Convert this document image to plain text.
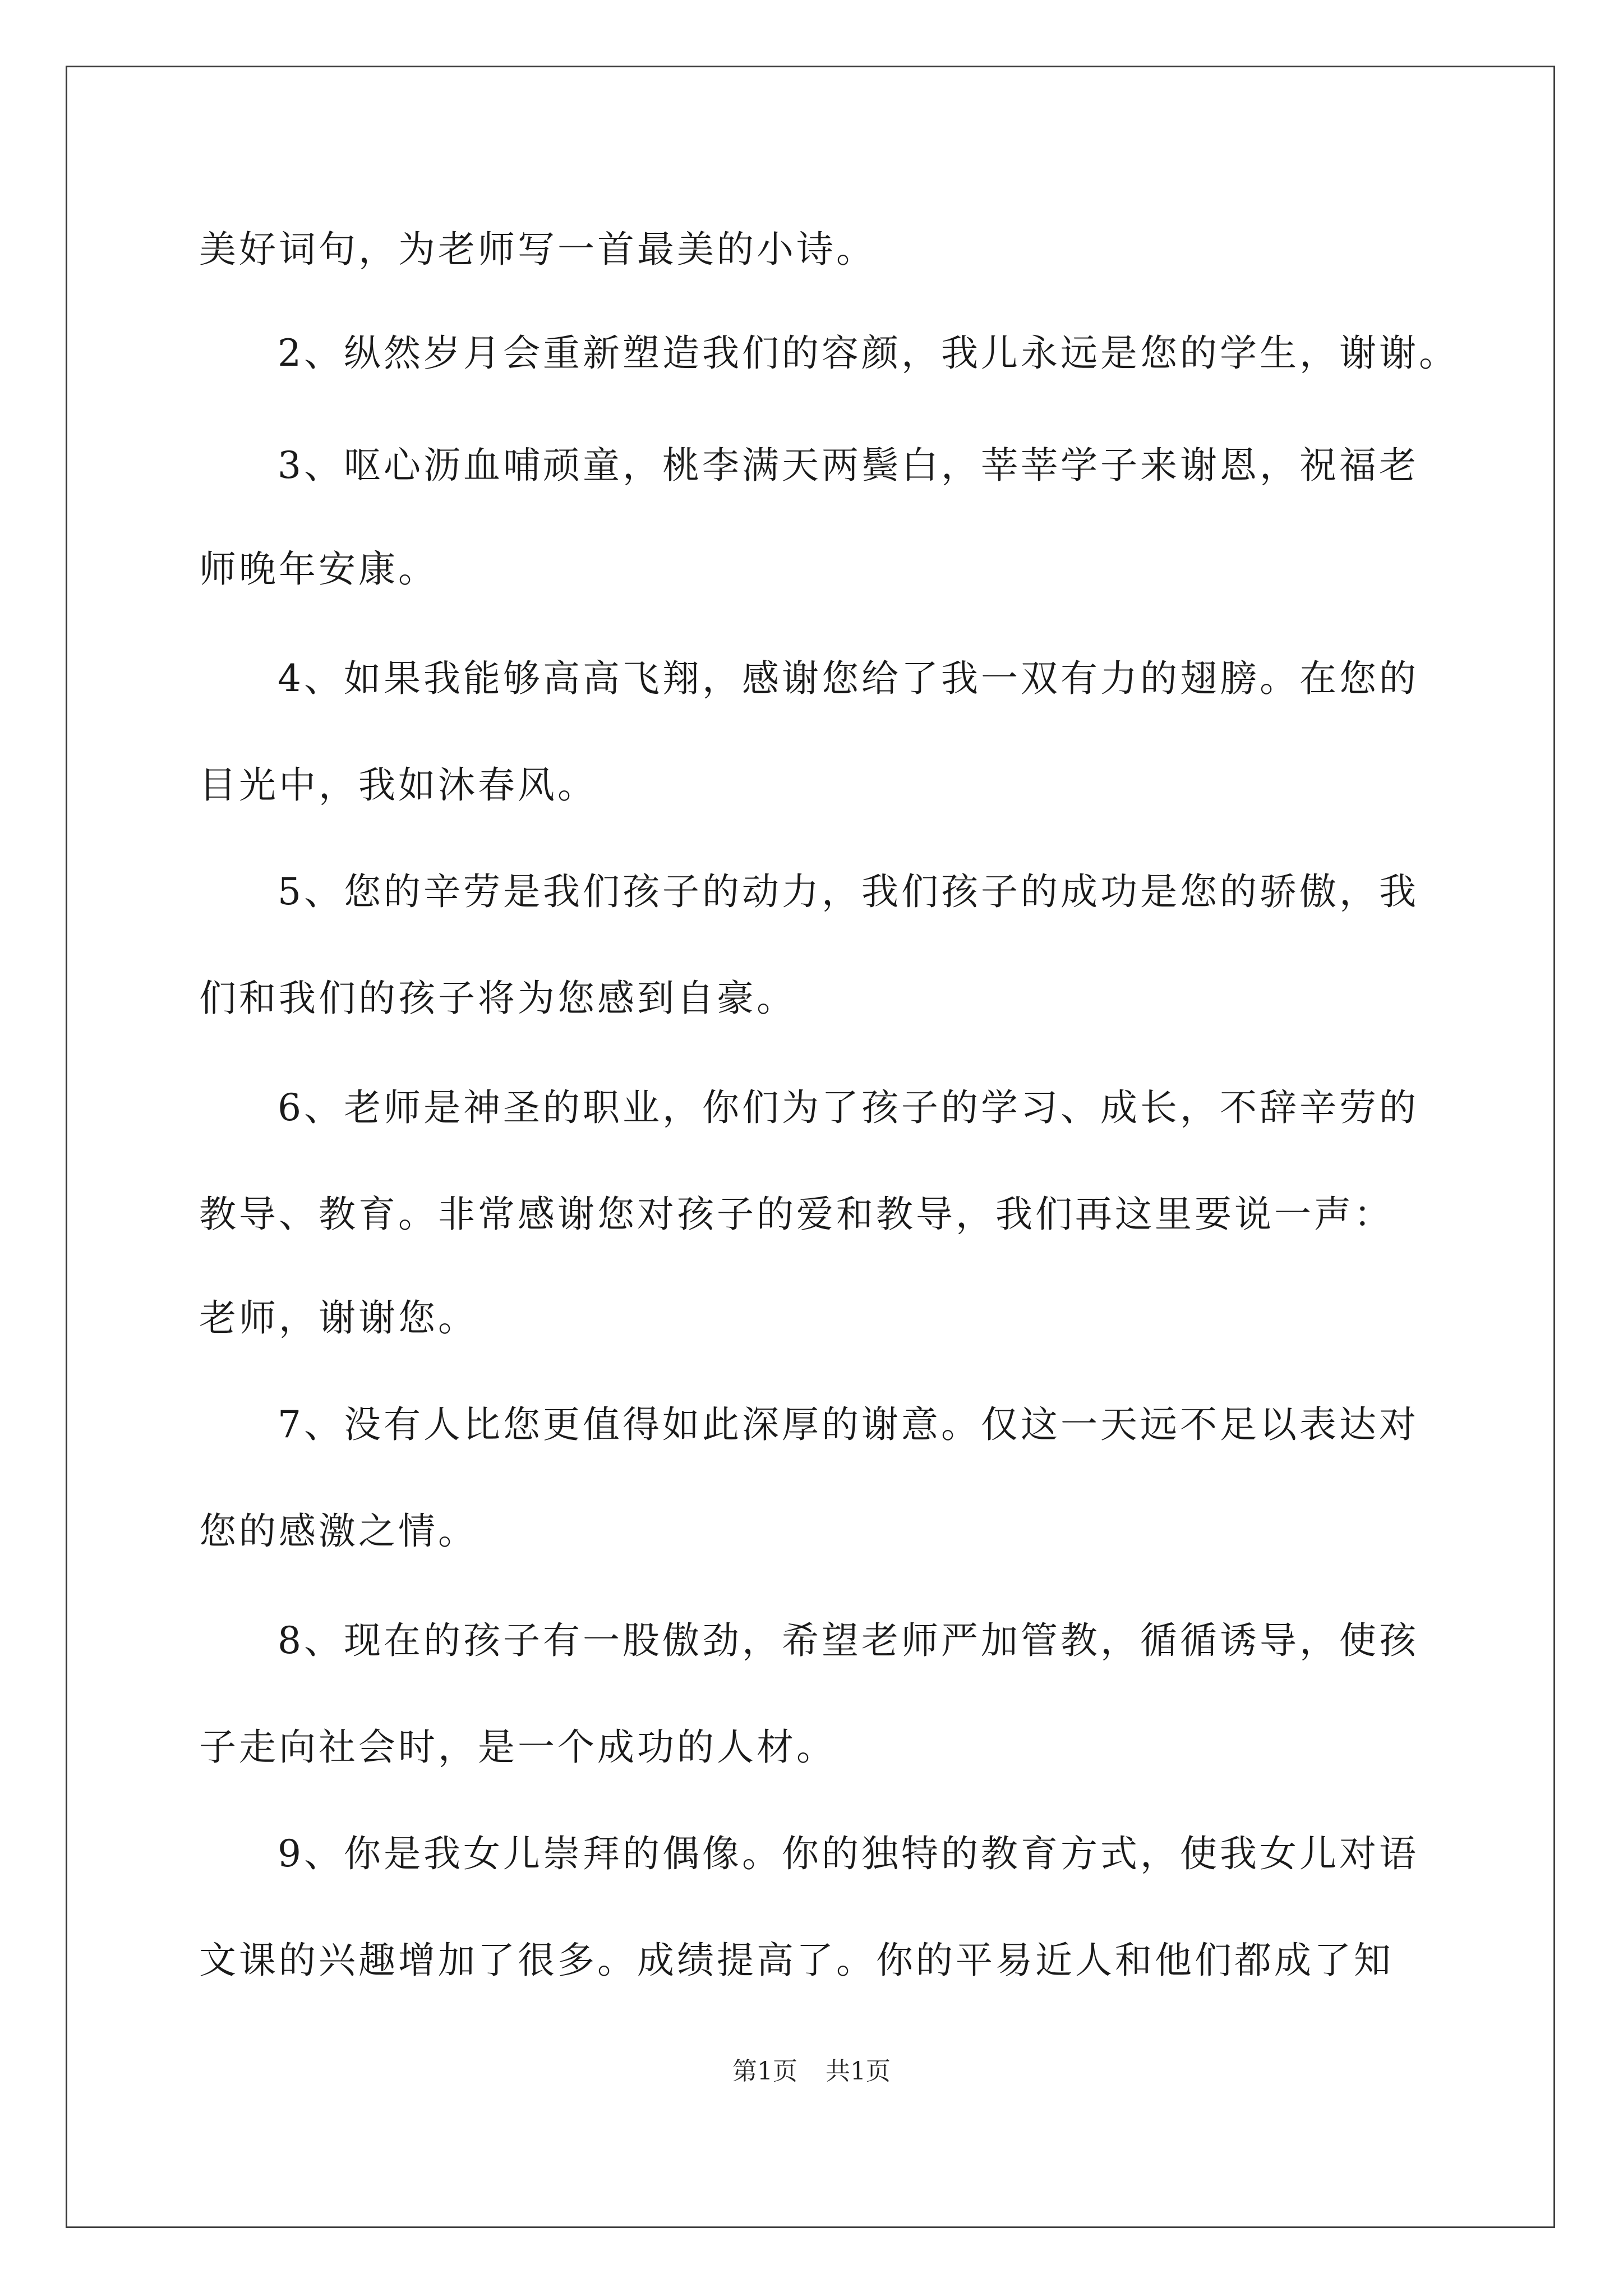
美好词句，为老师写一首最美的小诗。
2、纵然岁月会重新塑造我们的容颜，我儿永远是您的学生，谢谢。
3、呕心沥血哺顽童，桃李满天两鬓白，莘莘学子来谢恩，祝福老
师晚年安康。
4、如果我能够高高飞翔，感谢您给了我一双有力的翅膀。在您的
目光中，我如沐春风。
5、您的辛劳是我们孩子的动力，我们孩子的成功是您的骄傲，我
们和我们的孩子将为您感到自豪。
6、老师是神圣的职业，你们为了孩子的学习、成长，不辞辛劳的
教导、教育。非常感谢您对孩子的爱和教导，我们再这里要说一声：
老师，谢谢您。
7、没有人比您更值得如此深厚的谢意。仅这一天远不足以表达对
您的感激之情。
8、现在的孩子有一股傲劲，希望老师严加管教，循循诱导，使孩
子走向社会时，是一个成功的人材。
9、你是我女儿崇拜的偶像。你的独特的教育方式，使我女儿对语
文课的兴趣增加了很多。成绩提高了。你的平易近人和他们都成了知
第1页 共1页
